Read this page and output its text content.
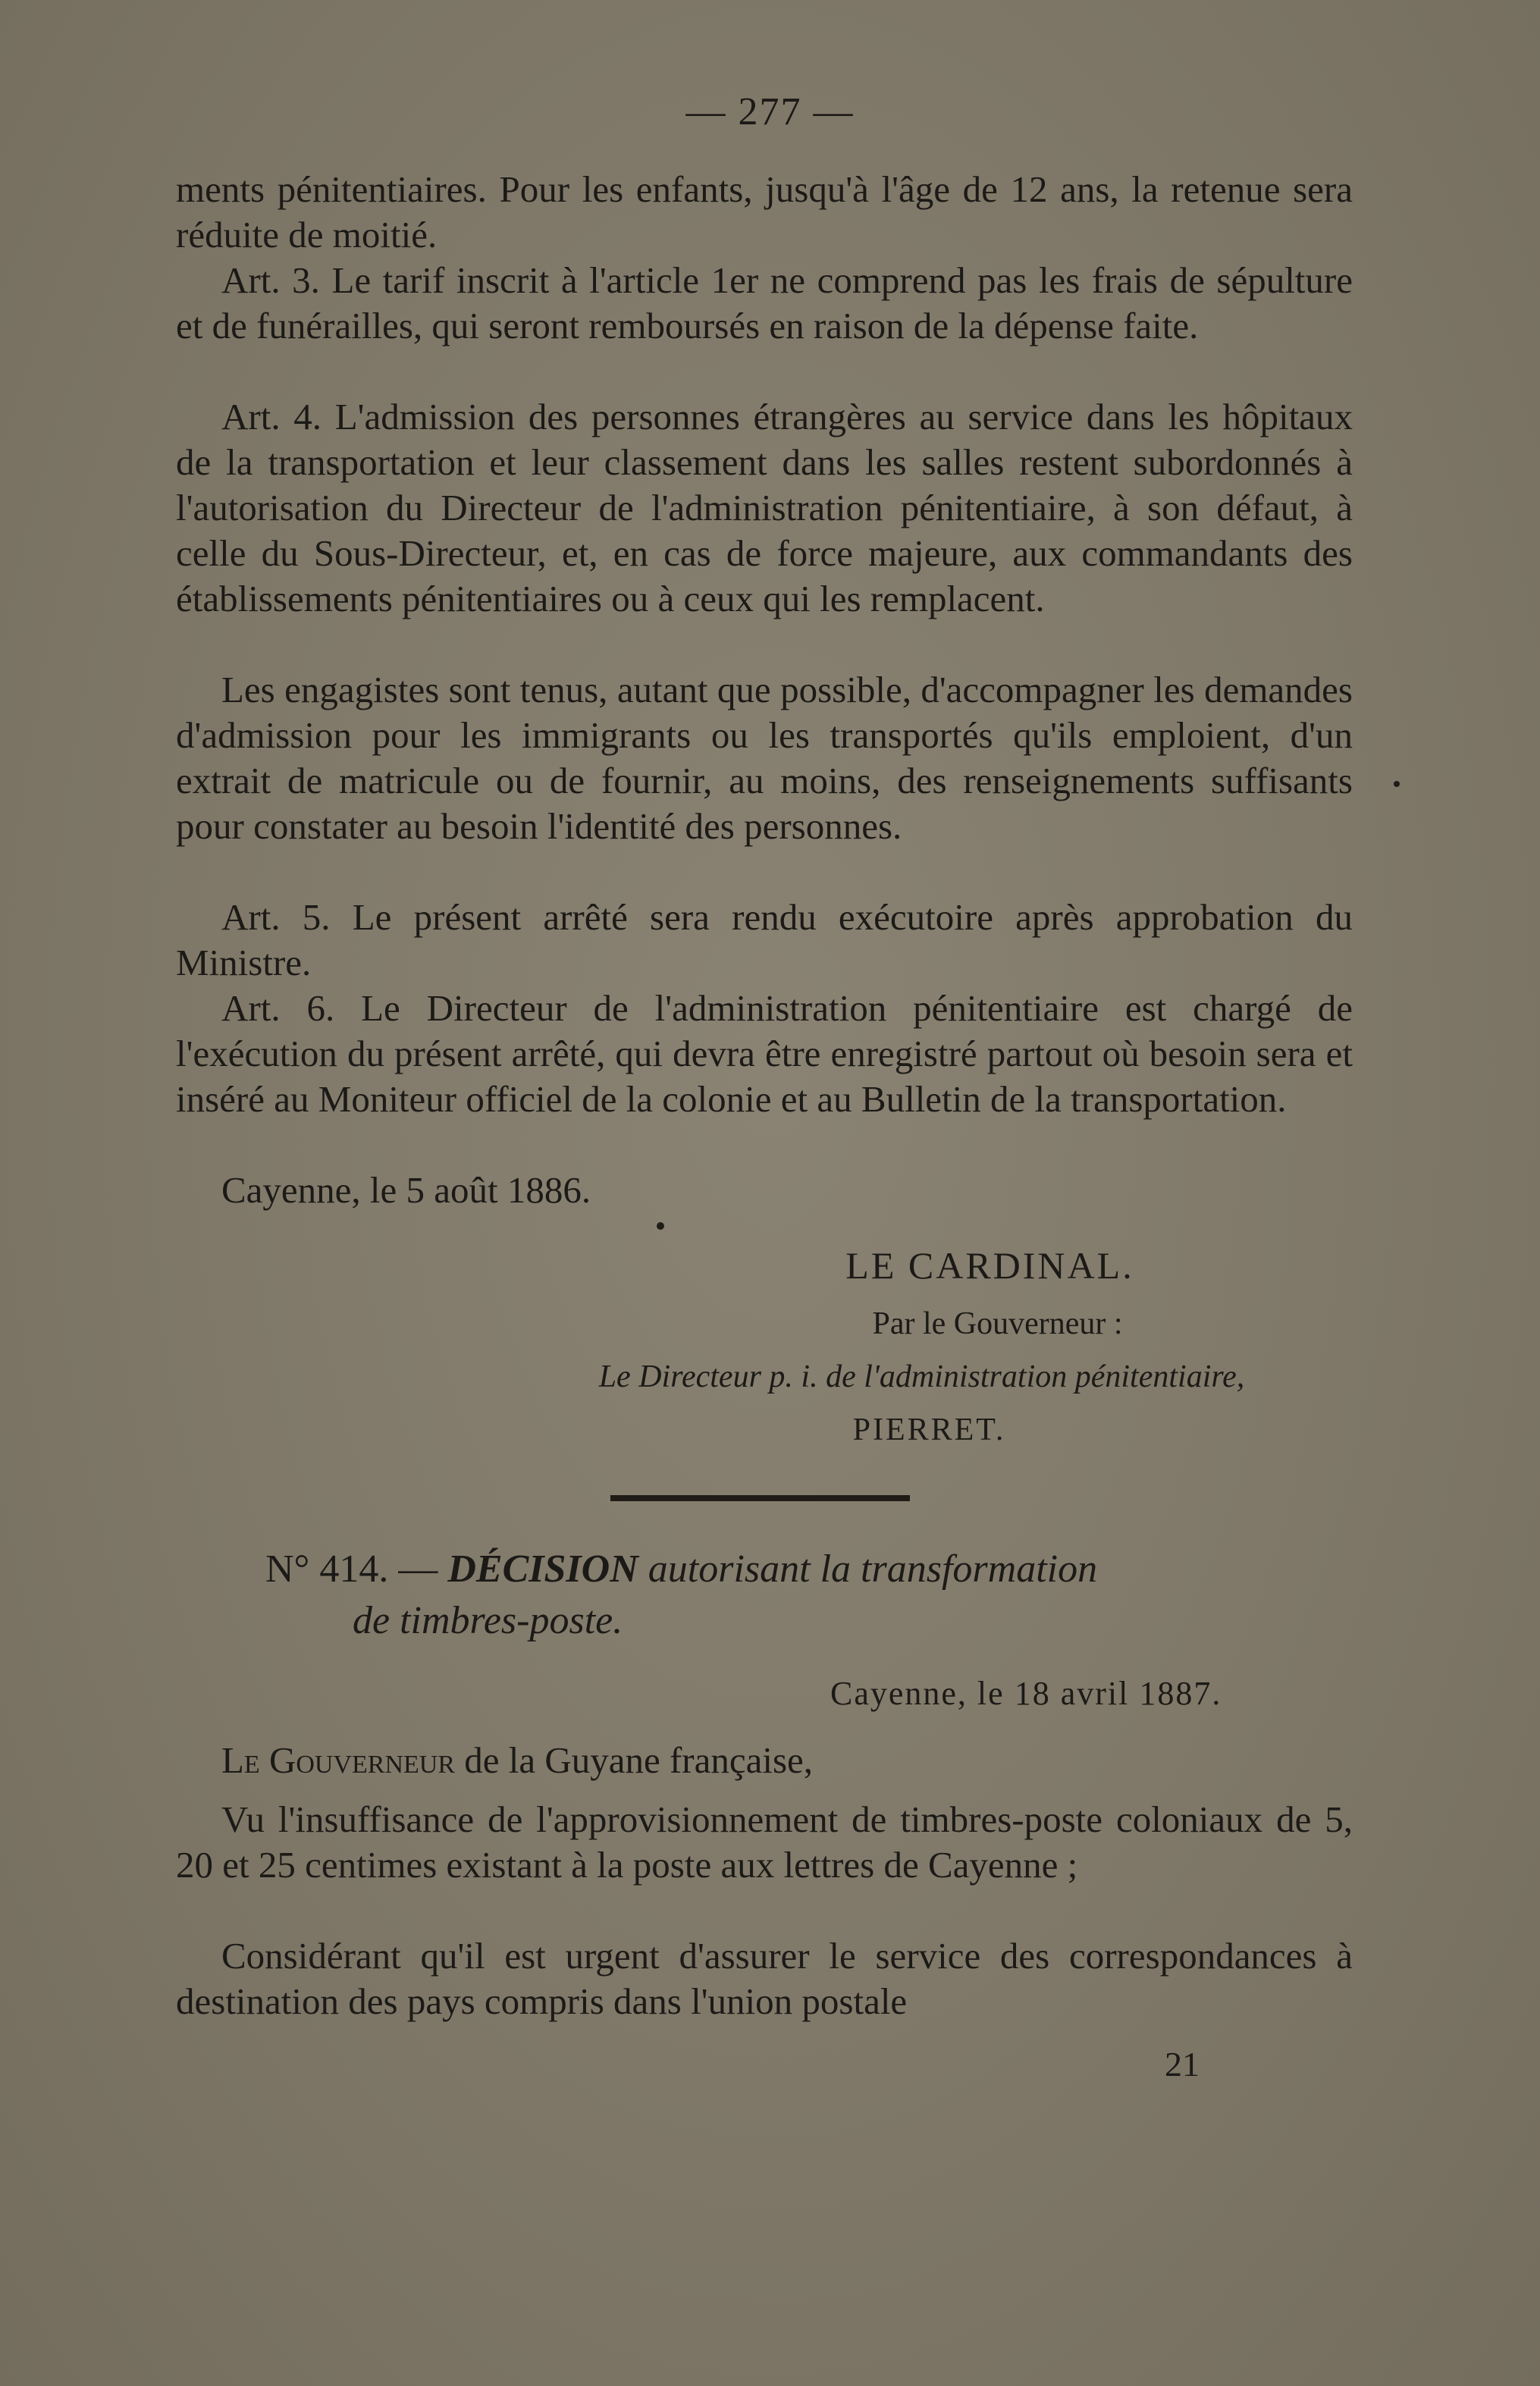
— 277 —
ments pénitentiaires. Pour les enfants, jusqu'à l'âge de 12 ans, la retenue sera réduite de moitié.
Art. 3. Le tarif inscrit à l'article 1er ne comprend pas les frais de sépulture et de funérailles, qui seront remboursés en raison de la dépense faite.
Art. 4. L'admission des personnes étrangères au service dans les hôpitaux de la transportation et leur classement dans les salles restent subordonnés à l'autorisation du Directeur de l'administration pénitentiaire, à son défaut, à celle du Sous-Directeur, et, en cas de force majeure, aux commandants des établissements pénitentiaires ou à ceux qui les remplacent.
Les engagistes sont tenus, autant que possible, d'accompagner les demandes d'admission pour les immigrants ou les transportés qu'ils emploient, d'un extrait de matricule ou de fournir, au moins, des renseignements suffisants pour constater au besoin l'identité des personnes.
Art. 5. Le présent arrêté sera rendu exécutoire après approbation du Ministre.
Art. 6. Le Directeur de l'administration pénitentiaire est chargé de l'exécution du présent arrêté, qui devra être enregistré partout où besoin sera et inséré au Moniteur officiel de la colonie et au Bulletin de la transportation.
Cayenne, le 5 août 1886.
LE CARDINAL.
Par le Gouverneur :
Le Directeur p. i. de l'administration pénitentiaire,
PIERRET.
N° 414. — DÉCISION autorisant la transformation
de timbres-poste.
Cayenne, le 18 avril 1887.
Le Gouverneur de la Guyane française,
Vu l'insuffisance de l'approvisionnement de timbres-poste coloniaux de 5, 20 et 25 centimes existant à la poste aux lettres de Cayenne ;
Considérant qu'il est urgent d'assurer le service des correspondances à destination des pays compris dans l'union postale
21
